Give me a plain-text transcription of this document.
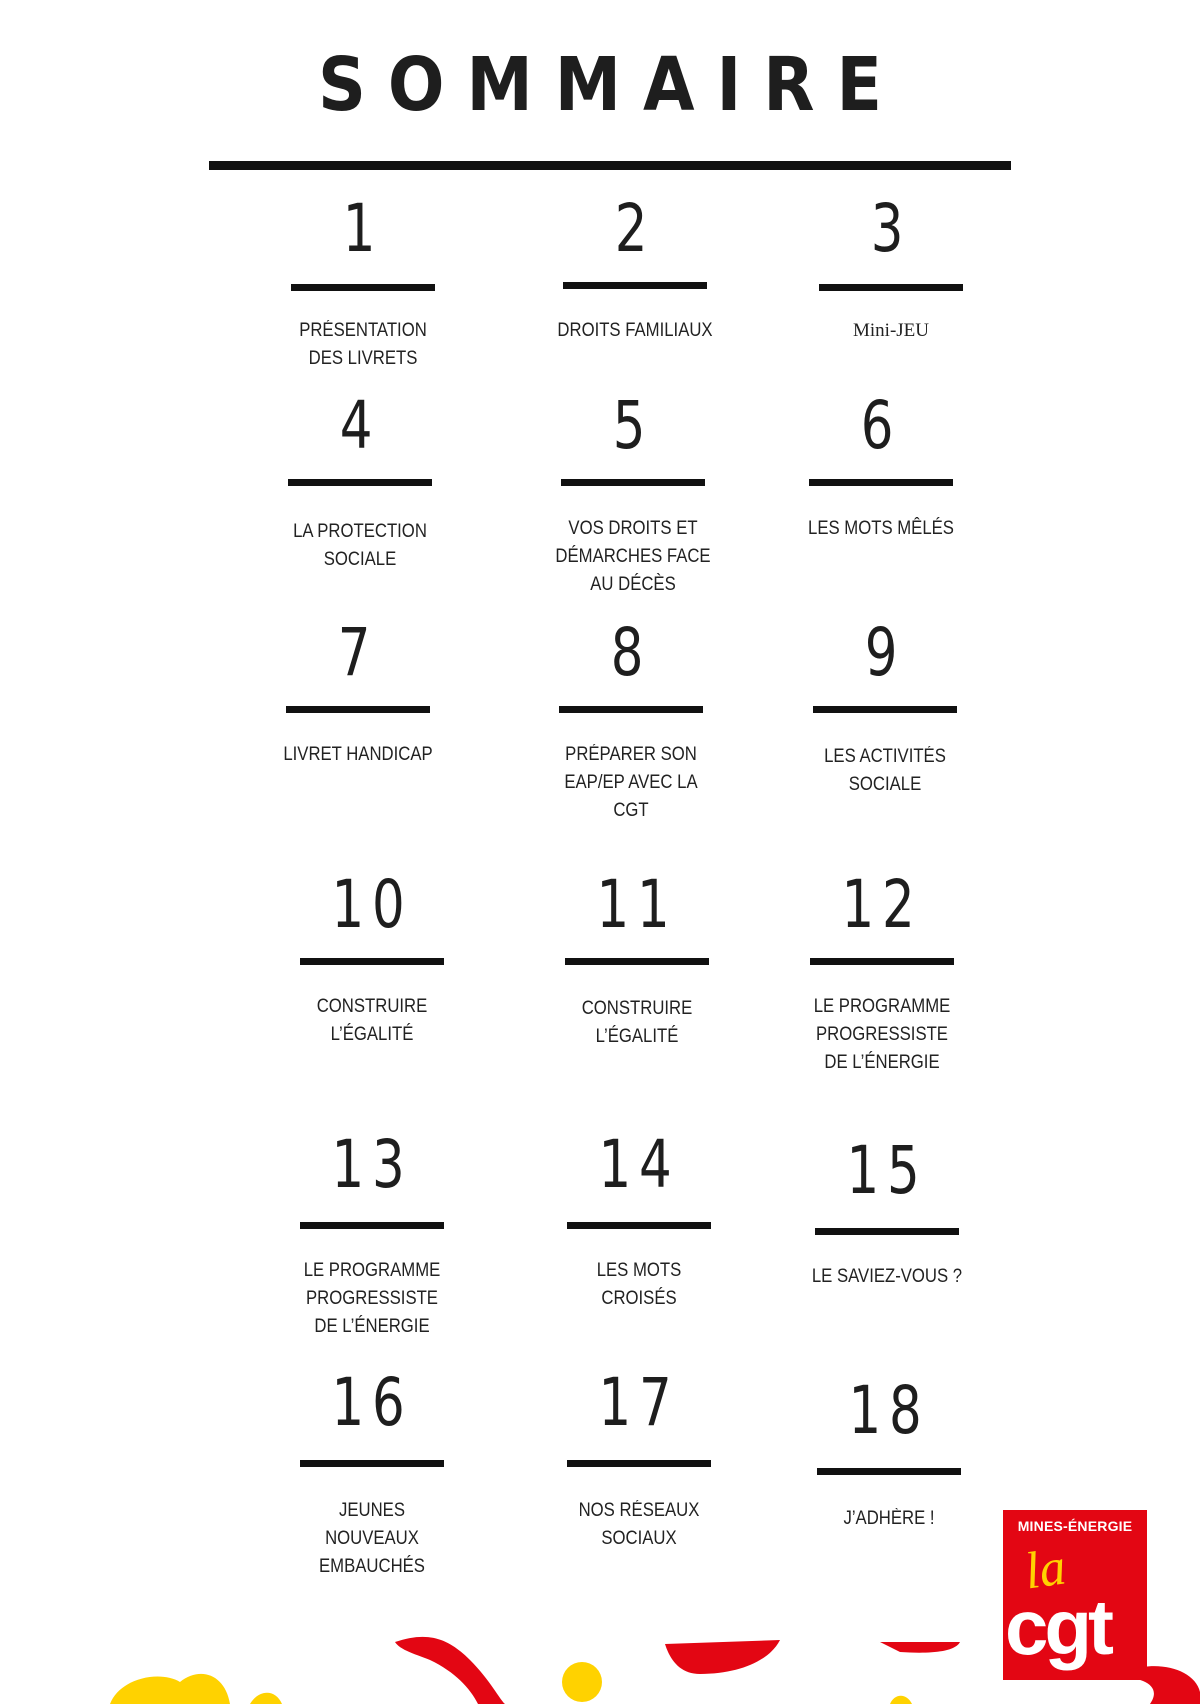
SOMMAIRE
1
PRÉSENTATION DES LIVRETS
2
DROITS FAMILIAUX
3
Mini-JEU
4
LA PROTECTION SOCIALE
5
VOS DROITS ET DÉMARCHES FACE AU DÉCÈS
6
LES MOTS MÊLÉS
7
LIVRET HANDICAP
8
PRÉPARER SON EAP/EP AVEC LA CGT
9
LES ACTIVITÉS SOCIALE
10
CONSTRUIRE L’ÉGALITÉ
11
CONSTRUIRE L’ÉGALITÉ
12
LE PROGRAMME PROGRESSISTE DE L’ÉNERGIE
13
LE PROGRAMME PROGRESSISTE DE L’ÉNERGIE
14
LES MOTS CROISÉS
15
LE SAVIEZ-VOUS ?
16
JEUNES NOUVEAUX EMBAUCHÉS
17
NOS RÉSEAUX SOCIAUX
18
J’ADHÈRE !	MINES-ÉNERGIE
la
cgt
